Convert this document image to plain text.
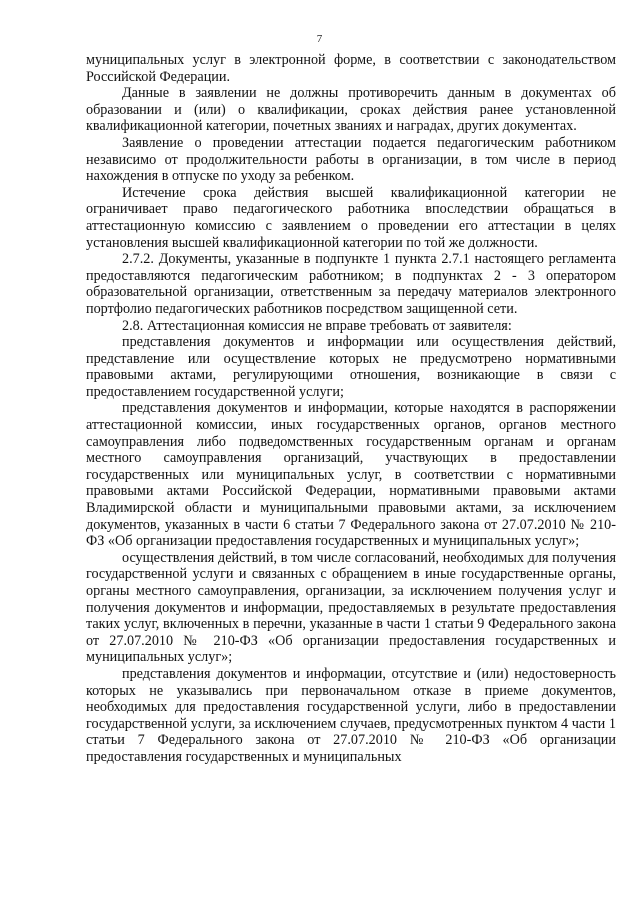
7

муниципальных услуг в электронной форме, в соответствии с законодательством Российской Федерации.

Данные в заявлении не должны противоречить данным в документах об образовании и (или) о квалификации, сроках действия ранее установленной квалификационной категории, почетных званиях и наградах, других документах.

Заявление о проведении аттестации подается педагогическим работником независимо от продолжительности работы в организации, в том числе в период нахождения в отпуске по уходу за ребенком.

Истечение срока действия высшей квалификационной категории не ограничивает право педагогического работника впоследствии обращаться в аттестационную комиссию с заявлением о проведении его аттестации в целях установления высшей квалификационной категории по той же должности.

2.7.2. Документы, указанные в подпункте 1 пункта 2.7.1 настоящего регламента предоставляются педагогическим работником; в подпунктах 2 - 3 оператором образовательной организации, ответственным за передачу материалов электронного портфолио педагогических работников посредством защищенной сети.

2.8. Аттестационная комиссия не вправе требовать от заявителя:

представления документов и информации или осуществления действий, представление или осуществление которых не предусмотрено нормативными правовыми актами, регулирующими отношения, возникающие в связи с предоставлением государственной услуги;

представления документов и информации, которые находятся в распоряжении аттестационной комиссии, иных государственных органов, органов местного самоуправления либо подведомственных государственным органам и органам местного самоуправления организаций, участвующих в предоставлении государственных или муниципальных услуг, в соответствии с нормативными правовыми актами Российской Федерации, нормативными правовыми актами Владимирской области и муниципальными правовыми актами, за исключением документов, указанных в части 6 статьи 7 Федерального закона от 27.07.2010 № 210-ФЗ «Об организации предоставления государственных и муниципальных услуг»;

осуществления действий, в том числе согласований, необходимых для получения государственной услуги и связанных с обращением в иные государственные органы, органы местного самоуправления, организации, за исключением получения услуг и получения документов и информации, предоставляемых в результате предоставления таких услуг, включенных в перечни, указанные в части 1 статьи 9 Федерального закона от 27.07.2010 № 210-ФЗ «Об организации предоставления государственных и муниципальных услуг»;

представления документов и информации, отсутствие и (или) недостоверность которых не указывались при первоначальном отказе в приеме документов, необходимых для предоставления государственной услуги, либо в предоставлении государственной услуги, за исключением случаев, предусмотренных пунктом 4 части 1 статьи 7 Федерального закона от 27.07.2010 № 210-ФЗ «Об организации предоставления государственных и муниципальных
